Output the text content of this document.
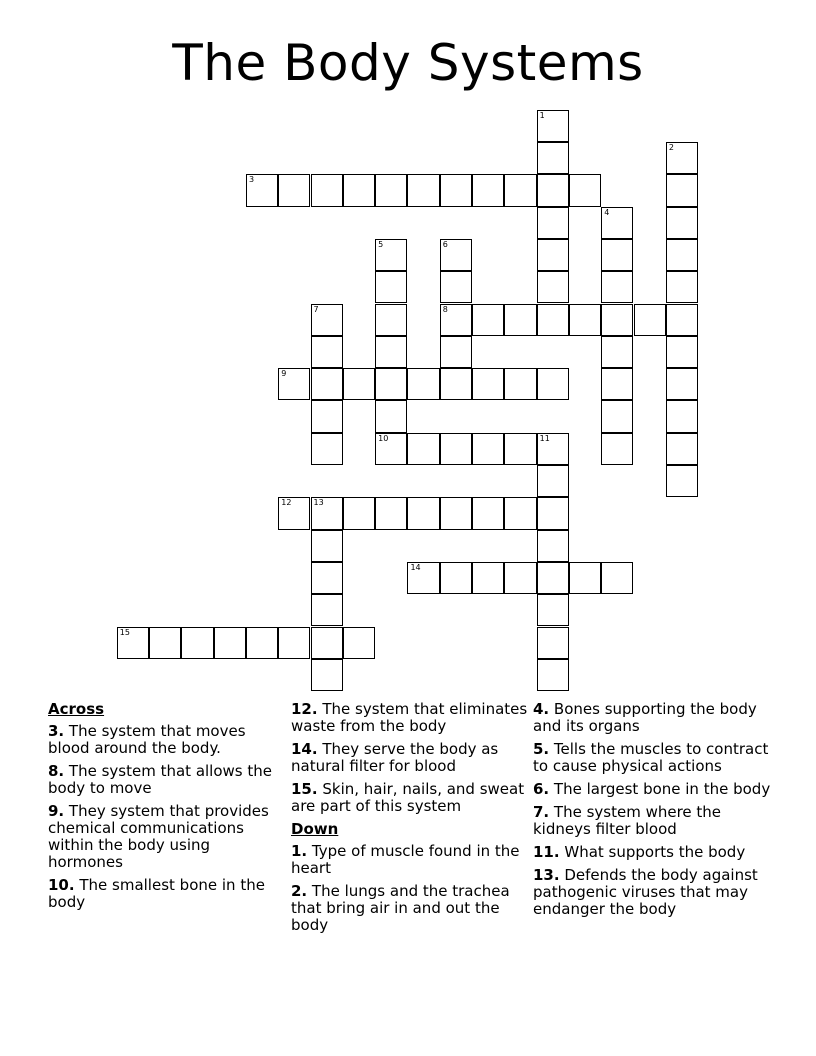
The Body Systems
1
2
3
4
5
10
6
8
7
9
11
12	13
14
15
Across
3. The system that moves blood around the body.
8. The system that allows the body to move
9. They system that provides chemical communications within the body using hormones
10. The smallest bone in the body
12. The system that eliminates waste from the body
14. They serve the body as natural filter for blood
15. Skin, hair, nails, and sweat are part of this system
Down
1. Type of muscle found in the heart
2. The lungs and the trachea that bring air in and out the body
4. Bones supporting the body and its organs
5. Tells the muscles to contract to cause physical actions
6. The largest bone in the body
7. The system where the kidneys filter blood
11. What supports the body
13. Defends the body against pathogenic viruses that may endanger the body
